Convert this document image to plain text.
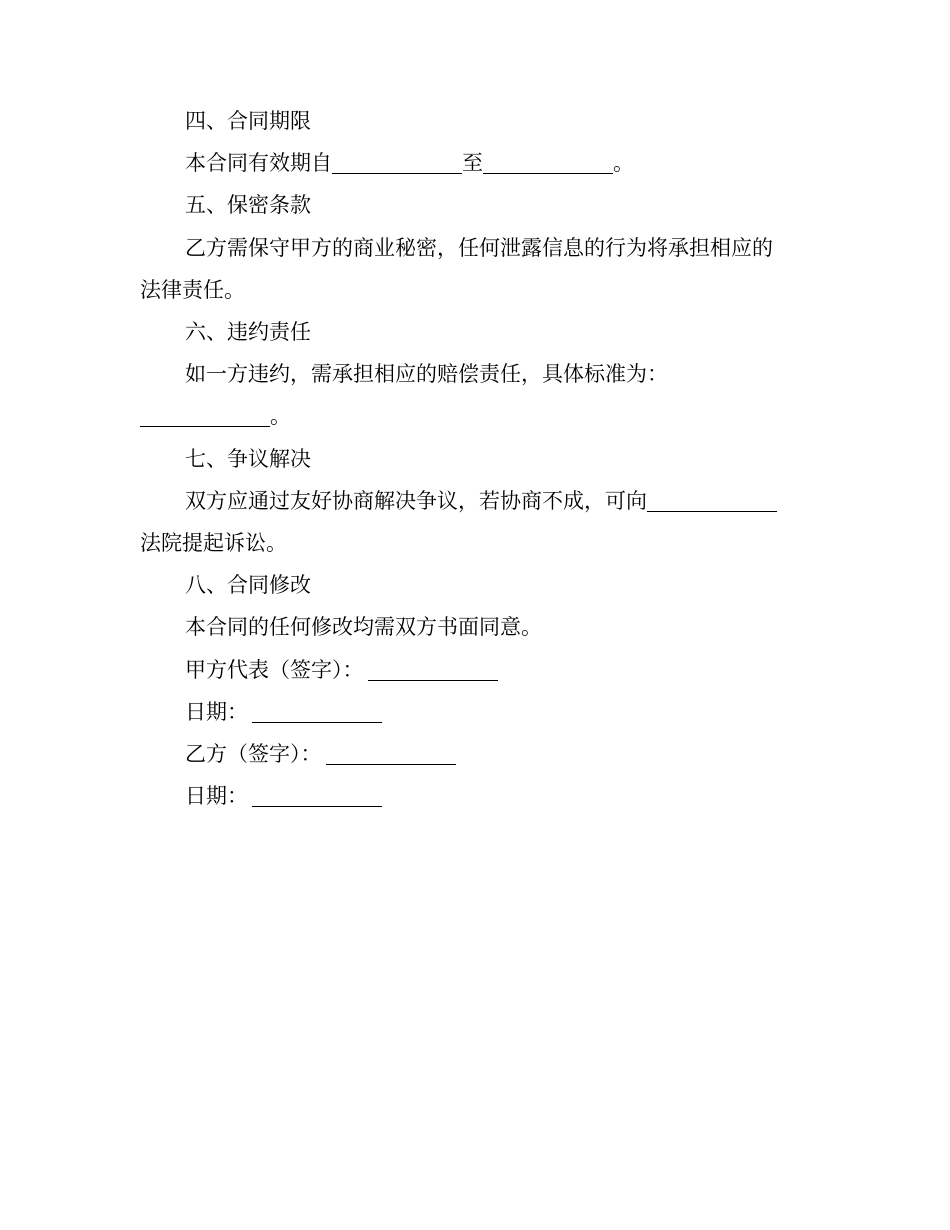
四、合同期限

本合同有效期自	至	。

五、保密条款

乙方需保守甲方的商业秘密，任何泄露信息的行为将承担相应的

法律责任。

六、违约责任

如一方违约，需承担相应的赔偿责任，具体标准为：

。

七、争议解决

双方应通过友好协商解决争议，若协商不成，可向

法院提起诉讼。

八、合同修改

本合同的任何修改均需双方书面同意。

甲方代表（签字）：

日期：

乙方（签字）：

日期：
